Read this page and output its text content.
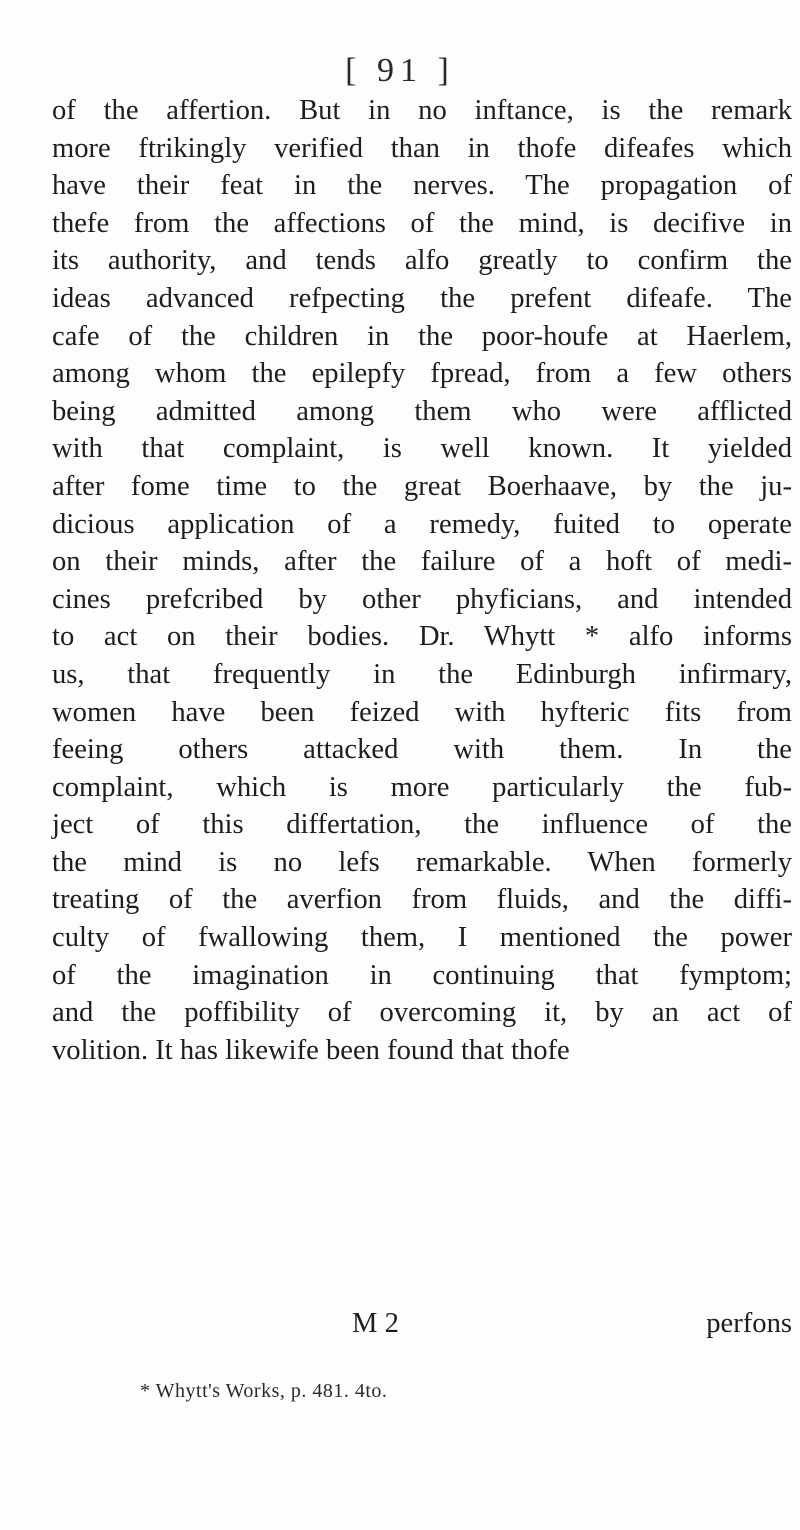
[ 91 ]
of the affertion. But in no inftance, is the remark
more ftrikingly verified than in thofe difeafes which
have their feat in the nerves. The propagation of
thefe from the affections of the mind, is decifive in
its authority, and tends alfo greatly to confirm the
ideas advanced refpecting the prefent difeafe. The
cafe of the children in the poor-houfe at Haerlem,
among whom the epilepfy fpread, from a few others
being admitted among them who were afflicted
with that complaint, is well known. It yielded
after fome time to the great Boerhaave, by the ju-
dicious application of a remedy, fuited to operate
on their minds, after the failure of a hoft of medi-
cines prefcribed by other phyficians, and intended
to act on their bodies. Dr. Whytt * alfo informs
us, that frequently in the Edinburgh infirmary,
women have been feized with hyfteric fits from
feeing others attacked with them. In the
complaint, which is more particularly the fub-
ject of this differtation, the influence of the
the mind is no lefs remarkable. When formerly
treating of the averfion from fluids, and the diffi-
culty of fwallowing them, I mentioned the power
of the imagination in continuing that fymptom;
and the poffibility of overcoming it, by an act of
volition. It has likewife been found that thofe
M 2	perfons
* Whytt's Works, p. 481. 4to.
